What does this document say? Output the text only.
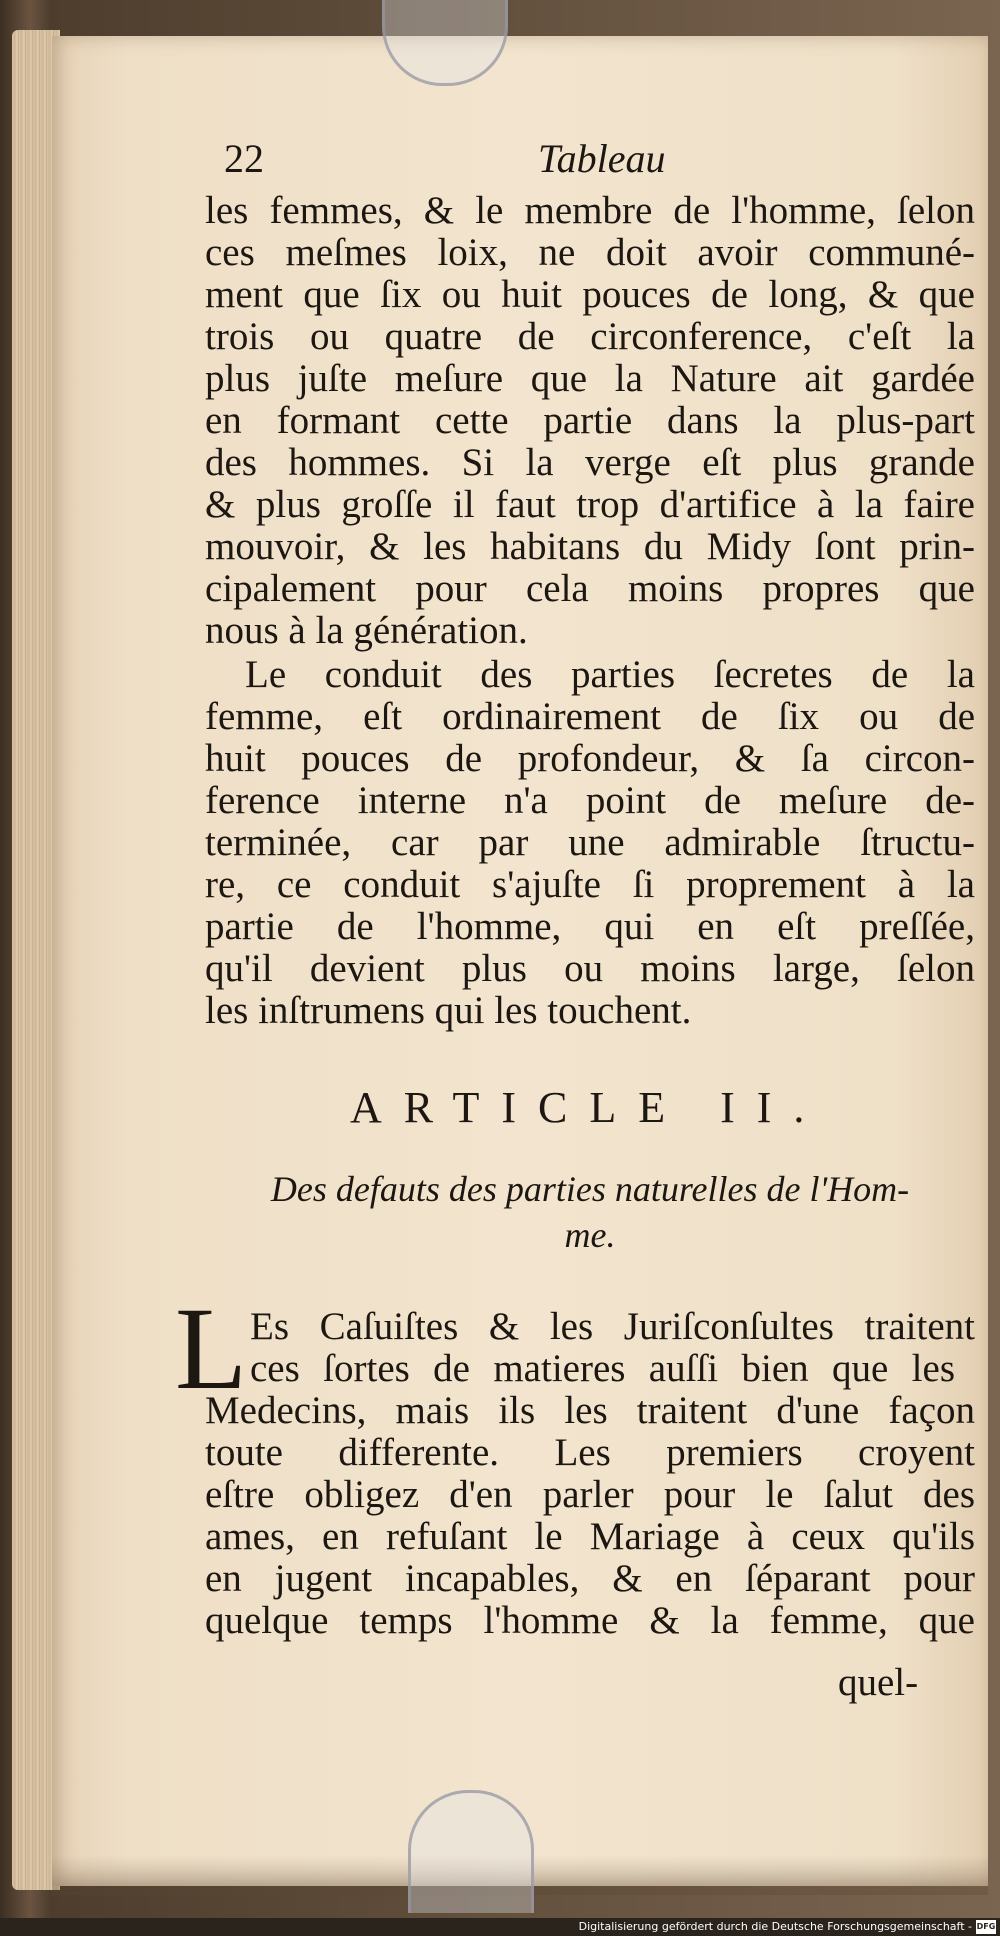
22	Tableau
les femmes, & le membre de l'homme, ſelon
ces meſmes loix, ne doit avoir communé-
ment que ſix ou huit pouces de long, & que
trois ou quatre de circonference, c'eſt la
plus juſte meſure que la Nature ait gardée
en formant cette partie dans la plus-part
des hommes. Si la verge eſt plus grande
& plus groſſe il faut trop d'artifice à la faire
mouvoir, & les habitans du Midy ſont prin-
cipalement pour cela moins propres que
nous à la génération.
Le conduit des parties ſecretes de la
femme, eſt ordinairement de ſix ou de
huit pouces de profondeur, & ſa circon-
ference interne n'a point de meſure de-
terminée, car par une admirable ſtructu-
re, ce conduit s'ajuſte ſi proprement à la
partie de l'homme, qui en eſt preſſée,
qu'il devient plus ou moins large, ſelon
les inſtrumens qui les touchent.
ARTICLE II.
Des defauts des parties naturelles de l'Hom-
me.
L Es Caſuiſtes & les Juriſconſultes traitent
ces ſortes de matieres auſſi bien que les
Medecins, mais ils les traitent d'une façon
toute differente. Les premiers croyent
eſtre obligez d'en parler pour le ſalut des
ames, en refuſant le Mariage à ceux qu'ils
en jugent incapables, & en ſéparant pour
quelque temps l'homme & la femme, que
quel-
Digitalisierung gefördert durch die Deutsche Forschungsgemeinschaft - DFG
